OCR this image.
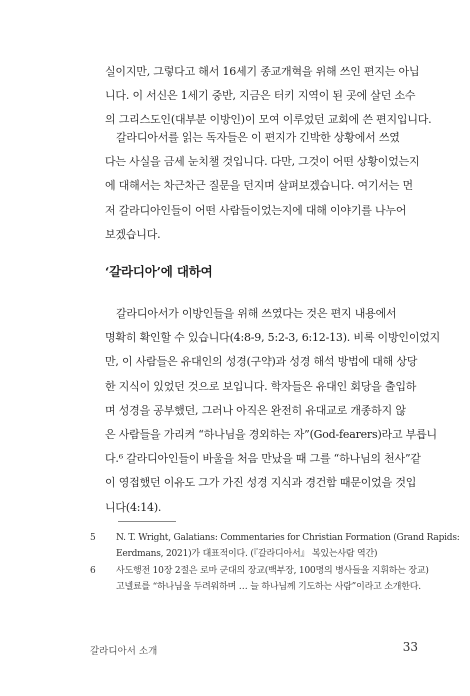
실이지만, 그렇다고 해서 16세기 종교개혁을 위해 쓰인 편지는 아닙
니다. 이 서신은 1세기 중반, 지금은 터키 지역이 된 곳에 살던 소수
의 그리스도인(대부분 이방인)이 모여 이루었던 교회에 쓴 편지입니다.

갈라디아서를 읽는 독자들은 이 편지가 긴박한 상황에서 쓰였
다는 사실을 금세 눈치챌 것입니다. 다만, 그것이 어떤 상황이었는지
에 대해서는 차근차근 질문을 던지며 살펴보겠습니다. 여기서는 먼
저 갈라디아인들이 어떤 사람들이었는지에 대해 이야기를 나누어
보겠습니다.

‘갈라디아’에 대하여

갈라디아서가 이방인들을 위해 쓰였다는 것은 편지 내용에서
명확히 확인할 수 있습니다(4:8-9, 5:2-3, 6:12-13). 비록 이방인이었지
만, 이 사람들은 유대인의 성경(구약)과 성경 해석 방법에 대해 상당
한 지식이 있었던 것으로 보입니다. 학자들은 유대인 회당을 출입하
며 성경을 공부했던, 그러나 아직은 완전히 유대교로 개종하지 않
은 사람들을 가리켜 “하나님을 경외하는 자”(God-fearers)라고 부릅니
다.⁶ 갈라디아인들이 바울을 처음 만났을 때 그를 “하나님의 천사”같
이 영접했던 이유도 그가 가진 성경 지식과 경건함 때문이었을 것입
니다(4:14).

5 N. T. Wright, Galatians: Commentaries for Christian Formation (Grand Rapids:
Eerdmans, 2021)가 대표적이다. (『갈라디아서』 복있는사람 역간)
6 사도행전 10장 2절은 로마 군대의 장교(백부장, 100명의 병사들을 지휘하는 장교)
고넬료를 “하나님을 두려워하며 … 늘 하나님께 기도하는 사람”이라고 소개한다.
갈라디아서 소개	33
